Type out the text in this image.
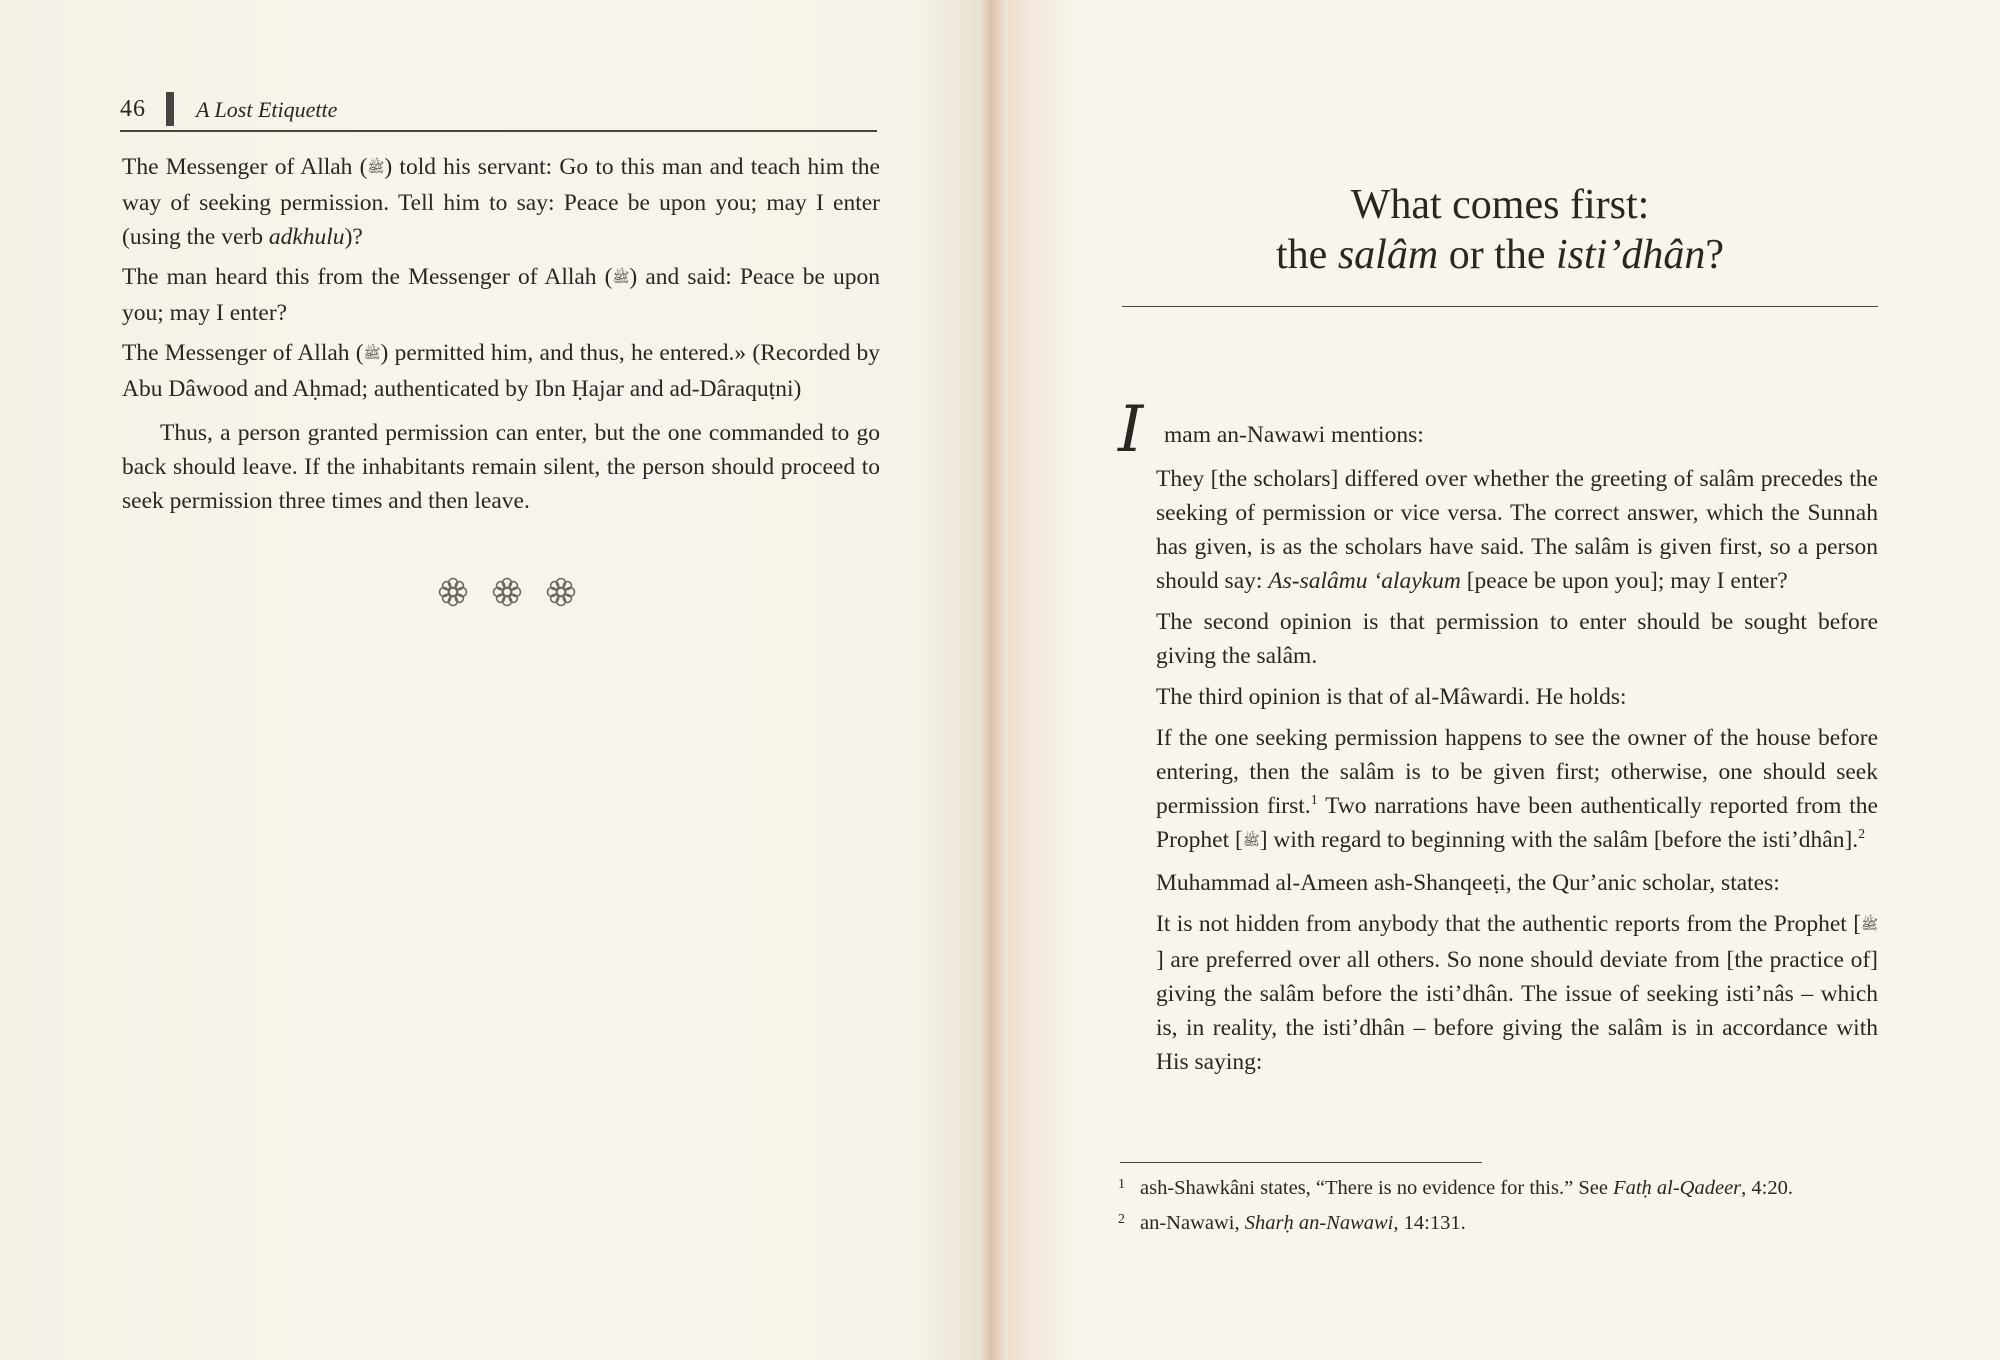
46 A Lost Etiquette

The Messenger of Allah (ﷺ) told his servant: Go to this man and teach him the way of seeking permission. Tell him to say: Peace be upon you; may I enter (using the verb adkhulu)?

The man heard this from the Messenger of Allah (ﷺ) and said: Peace be upon you; may I enter?

The Messenger of Allah (ﷺ) permitted him, and thus, he entered.» (Recorded by Abu Dâwood and Aḥmad; authenticated by Ibn Ḥajar and ad-Dâraquṭni)

Thus, a person granted permission can enter, but the one commanded to go back should leave. If the inhabitants remain silent, the person should proceed to seek permission three times and then leave.

What comes first:
the salâm or the isti’dhân?
I mam an-Nawawi mentions:

They [the scholars] differed over whether the greeting of salâm precedes the seeking of permission or vice versa. The correct answer, which the Sunnah has given, is as the scholars have said. The salâm is given first, so a person should say: As-salâmu ‘alaykum [peace be upon you]; may I enter?

The second opinion is that permission to enter should be sought before giving the salâm.

The third opinion is that of al-Mâwardi. He holds:

If the one seeking permission happens to see the owner of the house before entering, then the salâm is to be given first; otherwise, one should seek permission first.$^1$ Two narrations have been authentically reported from the Prophet [ﷺ] with regard to beginning with the salâm [before the isti’dhân].$^2$

Muhammad al-Ameen ash-Shanqeeṭi, the Qur’anic scholar, states:

It is not hidden from anybody that the authentic reports from the Prophet [ﷺ] are preferred over all others. So none should deviate from [the practice of] giving the salâm before the isti’dhân. The issue of seeking isti’nâs – which is, in reality, the isti’dhân – before giving the salâm is in accordance with His saying:

1 ash-Shawkâni states, “There is no evidence for this.” See Fatḥ al-Qadeer, 4:20.
2 an-Nawawi, Sharḥ an-Nawawi, 14:131.
